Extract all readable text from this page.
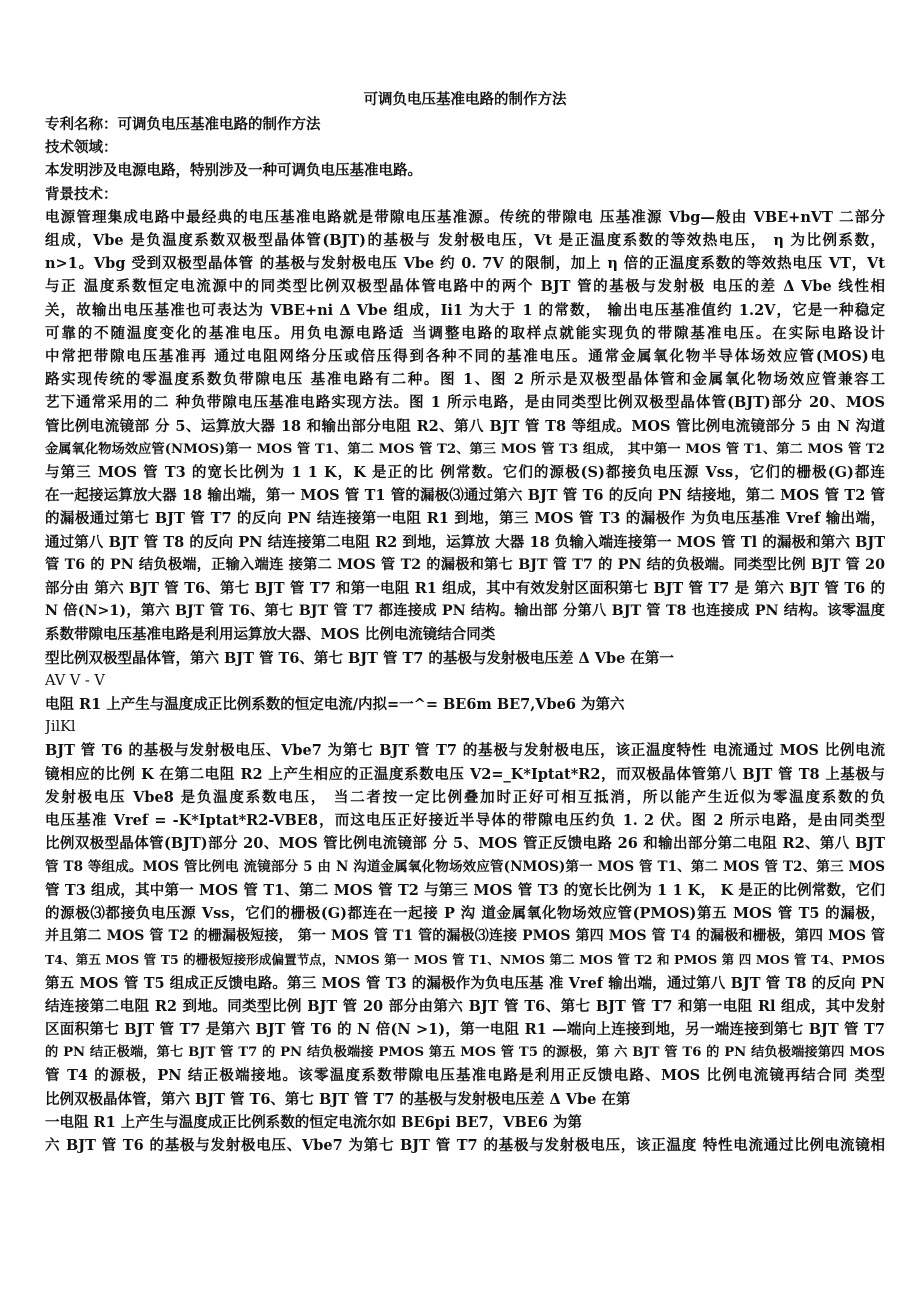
可调负电压基准电路的制作方法
专利名称：可调负电压基准电路的制作方法
技术领域：
本发明涉及电源电路，特别涉及一种可调负电压基准电路。
背景技术：
电源管理集成电路中最经典的电压基准电路就是带隙电压基准源。传统的带隙电 压基准源 Vbg—般由 VBE+nVT 二部分
组成，Vbe 是负温度系数双极型晶体管(BJT)的基极与 发射极电压，Vt 是正温度系数的等效热电压， η 为比例系数，
n>1。Vbg 受到双极型晶体管 的基极与发射极电压 Vbe 约 0. 7V 的限制，加上 η 倍的正温度系数的等效热电压 VT，Vt
与正 温度系数恒定电流源中的同类型比例双极型晶体管电路中的两个 BJT 管的基极与发射极 电压的差 Δ Vbe 线性相
关，故输出电压基准也可表达为 VBE+ni Δ Vbe 组成，Ii1 为大于 1 的常数， 输出电压基准值约 1.2V，它是一种稳定
可靠的不随温度变化的基准电压。用负电源电路适 当调整电路的取样点就能实现负的带隙基准电压。在实际电路设计
中常把带隙电压基准再 通过电阻网络分压或倍压得到各种不同的基准电压。通常金属氧化物半导体场效应管(MOS)电
路实现传统的零温度系数负带隙电压 基准电路有二种。图 1、图 2 所示是双极型晶体管和金属氧化物场效应管兼容工
艺下通常采用的二 种负带隙电压基准电路实现方法。图 1 所示电路，是由同类型比例双极型晶体管(BJT)部分 20、MOS
管比例电流镜部 分 5、运算放大器 18 和输出部分电阻 R2、第八 BJT 管 T8 等组成。MOS 管比例电流镜部分 5 由 N 沟道
金属氧化物场效应管(NMOS)第一 MOS 管 T1、第二 MOS 管 T2、第三 MOS 管 T3 组成， 其中第一 MOS 管 T1、第二 MOS 管 T2
与第三 MOS 管 T3 的宽长比例为 1 1 K，K 是正的比 例常数。它们的源极(S)都接负电压源 Vss，它们的栅极(G)都连
在一起接运算放大器 18 输出端，第一 MOS 管 T1 管的漏极⑶通过第六 BJT 管 T6 的反向 PN 结接地，第二 MOS 管 T2 管
的漏极通过第七 BJT 管 T7 的反向 PN 结连接第一电阻 R1 到地，第三 MOS 管 T3 的漏极作 为负电压基准 Vref 输出端，
通过第八 BJT 管 T8 的反向 PN 结连接第二电阻 R2 到地，运算放 大器 18 负输入端连接第一 MOS 管 Tl 的漏极和第六 BJT
管 T6 的 PN 结负极端，正输入端连 接第二 MOS 管 T2 的漏极和第七 BJT 管 T7 的 PN 结的负极端。同类型比例 BJT 管 20
部分由 第六 BJT 管 T6、第七 BJT 管 T7 和第一电阻 R1 组成，其中有效发射区面积第七 BJT 管 T7 是 第六 BJT 管 T6 的
N 倍(N>1)，第六 BJT 管 T6、第七 BJT 管 T7 都连接成 PN 结构。输出部 分第八 BJT 管 T8 也连接成 PN 结构。该零温度
系数带隙电压基准电路是利用运算放大器、MOS 比例电流镜结合同类
型比例双极型晶体管，第六 BJT 管 T6、第七 BJT 管 T7 的基极与发射极电压差 Δ Vbe 在第一
AV V - V
电阻 R1 上产生与温度成正比例系数的恒定电流/内拟=一^= BE6m BE7,Vbe6 为第六
JilKl
BJT 管 T6 的基极与发射极电压、Vbe7 为第七 BJT 管 T7 的基极与发射极电压，该正温度特性 电流通过 MOS 比例电流
镜相应的比例 K 在第二电阻 R2 上产生相应的正温度系数电压 V2=_K*Iptat*R2，而双极晶体管第八 BJT 管 T8 上基极与
发射极电压 Vbe8 是负温度系数电压， 当二者按一定比例叠加时正好可相互抵消，所以能产生近似为零温度系数的负
电压基准 Vref = -K*Iptat*R2-VBE8，而这电压正好接近半导体的带隙电压约负 1. 2 伏。图 2 所示电路，是由同类型
比例双极型晶体管(BJT)部分 20、MOS 管比例电流镜部 分 5、MOS 管正反馈电路 26 和输出部分第二电阻 R2、第八 BJT
管 T8 等组成。MOS 管比例电 流镜部分 5 由 N 沟道金属氧化物场效应管(NMOS)第一 MOS 管 T1、第二 MOS 管 T2、第三 MOS
管 T3 组成，其中第一 MOS 管 T1、第二 MOS 管 T2 与第三 MOS 管 T3 的宽长比例为 1 1 K， K 是正的比例常数，它们
的源极⑶都接负电压源 Vss，它们的栅极(G)都连在一起接 P 沟 道金属氧化物场效应管(PMOS)第五 MOS 管 T5 的漏极，
并且第二 MOS 管 T2 的栅漏极短接， 第一 MOS 管 T1 管的漏极⑶连接 PMOS 第四 MOS 管 T4 的漏极和栅极，第四 MOS 管
T4、第五 MOS 管 T5 的栅极短接形成偏置节点，NMOS 第一 MOS 管 T1、NMOS 第二 MOS 管 T2 和 PMOS 第 四 MOS 管 T4、PMOS
第五 MOS 管 T5 组成正反馈电路。第三 MOS 管 T3 的漏极作为负电压基 准 Vref 输出端，通过第八 BJT 管 T8 的反向 PN
结连接第二电阻 R2 到地。同类型比例 BJT 管 20 部分由第六 BJT 管 T6、第七 BJT 管 T7 和第一电阻 Rl 组成，其中发射
区面积第七 BJT 管 T7 是第六 BJT 管 T6 的 N 倍(N >1)，第一电阻 R1 —端向上连接到地，另一端连接到第七 BJT 管 T7
的 PN 结正极端，第七 BJT 管 T7 的 PN 结负极端接 PMOS 第五 MOS 管 T5 的源极，第 六 BJT 管 T6 的 PN 结负极端接第四 MOS
管 T4 的源极，PN 结正极端接地。该零温度系数带隙电压基准电路是利用正反馈电路、MOS 比例电流镜再结合同 类型
比例双极晶体管，第六 BJT 管 T6、第七 BJT 管 T7 的基极与发射极电压差 Δ Vbe 在第
一电阻 R1 上产生与温度成正比例系数的恒定电流尔如 BE6pi BE7，VBE6 为第
六 BJT 管 T6 的基极与发射极电压、Vbe7 为第七 BJT 管 T7 的基极与发射极电压，该正温度 特性电流通过比例电流镜相
